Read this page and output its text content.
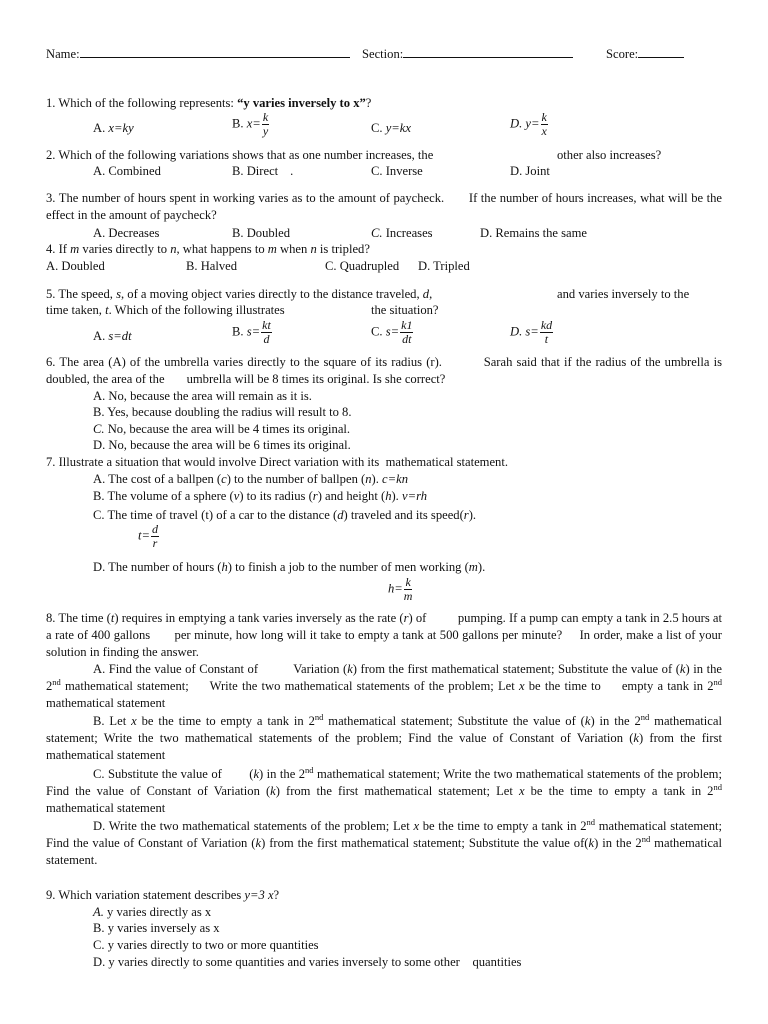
Name:	Section:	Score:
1. Which of the following represents: “y varies inversely to x”?
A. x=ky	B. $x= \frac{k}{y}$	C. y=kx	D. $y= \frac{k}{x}$
2. Which of the following variations shows that as one number increases, the	other also increases?
A. Combined	B. Direct .	C. Inverse	D. Joint
3. The number of hours spent in working varies as to the amount of paycheck.       If the number of hours increases, what will be the effect in the amount of paycheck?
A. Decreases	B. Doubled	C. Increases	D. Remains the same
4. If m varies directly to n, what happens to m when n is tripled?
A. Doubled	B. Halved	C. Quadrupled D. Tripled
5. The speed, s, of a moving object varies directly to the distance traveled, d,	and varies inversely to the
time taken, t. Which of the following illustrates	the situation?
A. s=dt	B. $s= \frac{kt}{d}$	C. $s= \frac{k1}{dt}$	D. $s= \frac{kd}{t}$
6. The area (A) of the umbrella varies directly to the square of its radius (r).          Sarah said that if the radius of the umbrella is doubled, the area of the       umbrella will be 8 times its original. Is she correct?
A. No, because the area will remain as it is.
B. Yes, because doubling the radius will result to 8.
C. No, because the area will be 4 times its original.
D. No, because the area will be 6 times its original.
7. Illustrate a situation that would involve Direct variation with its  mathematical statement.
A. The cost of a ballpen (c) to the number of ballpen (n). c=kn
B. The volume of a sphere (v) to its radius (r) and height (h). v=rh
C. The time of travel (t) of a car to the distance (d) traveled and its speed(r).
$t= \frac{d}{r}$
D. The number of hours (h) to finish a job to the number of men working (m).
$h= \frac{k}{m}$
8. The time (t) requires in emptying a tank varies inversely as the rate (r) of          pumping. If a pump can empty a tank in 2.5 hours at a rate of 400 gallons       per minute, how long will it take to empty a tank at 500 gallons per minute?     In order, make a list of your solution in finding the answer.
A. Find the value of Constant of          Variation (k) from the first mathematical statement; Substitute the value of (k) in the 2nd mathematical statement;     Write the two mathematical statements of the problem; Let x be the time to     empty a tank in 2nd mathematical statement
B. Let x be the time to empty a tank in 2nd mathematical statement; Substitute the value of (k) in the 2nd mathematical statement; Write the two mathematical statements of the problem; Find the value of Constant of Variation (k) from the first mathematical statement
C. Substitute the value of        (k) in the 2nd mathematical statement; Write the two mathematical statements of the problem; Find the value of Constant of Variation (k) from the first mathematical statement; Let x be the time to empty a tank in 2nd mathematical statement
D. Write the two mathematical statements of the problem; Let x be the time to empty a tank in 2nd mathematical statement; Find the value of Constant of Variation (k) from the first mathematical statement; Substitute the value of(k) in the 2nd mathematical statement.
9. Which variation statement describes y=3 x?
A. y varies directly as x
B. y varies inversely as x
C. y varies directly to two or more quantities
D. y varies directly to some quantities and varies inversely to some other    quantities
